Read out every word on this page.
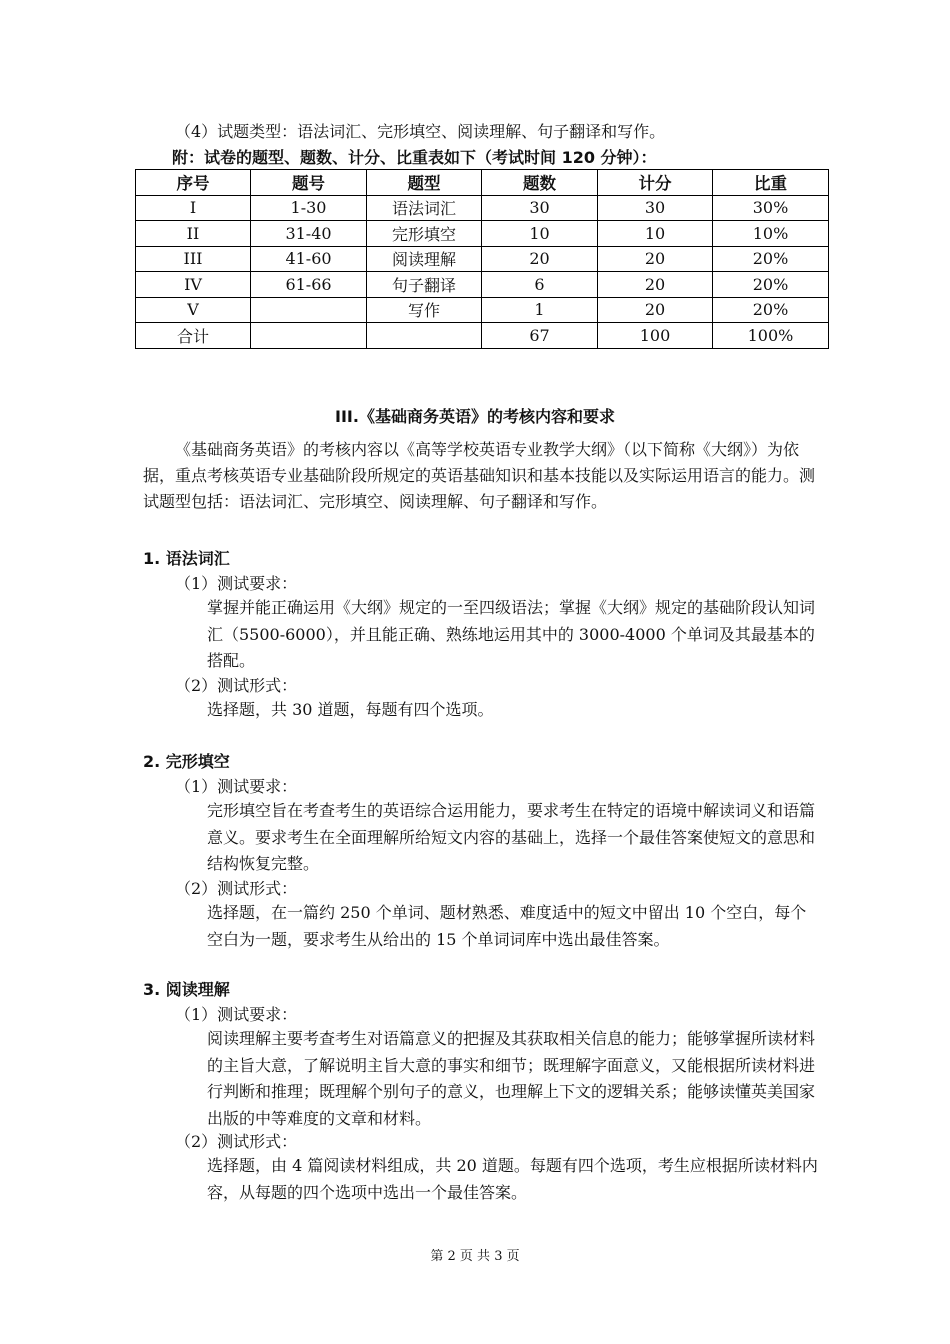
（4）试题类型：语法词汇、完形填空、阅读理解、句子翻译和写作。
附：试卷的题型、题数、计分、比重表如下（考试时间 120 分钟）：
序号	题号	题型	题数	计分	比重
I	1-30	语法词汇	30	30	30%
II	31-40	完形填空	10	10	10%
III	41-60	阅读理解	20	20	20%
IV	61-66	句子翻译	6	20	20%
V		写作	1	20	20%
合计			67	100	100%
III.《基础商务英语》的考核内容和要求
《基础商务英语》的考核内容以《高等学校英语专业教学大纲》（以下简称《大纲》）为依据，重点考核英语专业基础阶段所规定的英语基础知识和基本技能以及实际运用语言的能力。测试题型包括：语法词汇、完形填空、阅读理解、句子翻译和写作。
1. 语法词汇
（1）测试要求：
掌握并能正确运用《大纲》规定的一至四级语法；掌握《大纲》规定的基础阶段认知词汇（5500-6000），并且能正确、熟练地运用其中的 3000-4000 个单词及其最基本的搭配。
（2）测试形式：
选择题，共 30 道题，每题有四个选项。
2. 完形填空
（1）测试要求：
完形填空旨在考查考生的英语综合运用能力，要求考生在特定的语境中解读词义和语篇意义。要求考生在全面理解所给短文内容的基础上，选择一个最佳答案使短文的意思和结构恢复完整。
（2）测试形式：
选择题，在一篇约 250 个单词、题材熟悉、难度适中的短文中留出 10 个空白，每个空白为一题，要求考生从给出的 15 个单词词库中选出最佳答案。
3. 阅读理解
（1）测试要求：
阅读理解主要考查考生对语篇意义的把握及其获取相关信息的能力；能够掌握所读材料的主旨大意，了解说明主旨大意的事实和细节；既理解字面意义，又能根据所读材料进行判断和推理；既理解个别句子的意义，也理解上下文的逻辑关系；能够读懂英美国家出版的中等难度的文章和材料。
（2）测试形式：
选择题，由 4 篇阅读材料组成，共 20 道题。每题有四个选项，考生应根据所读材料内容，从每题的四个选项中选出一个最佳答案。
第 2 页 共 3 页
